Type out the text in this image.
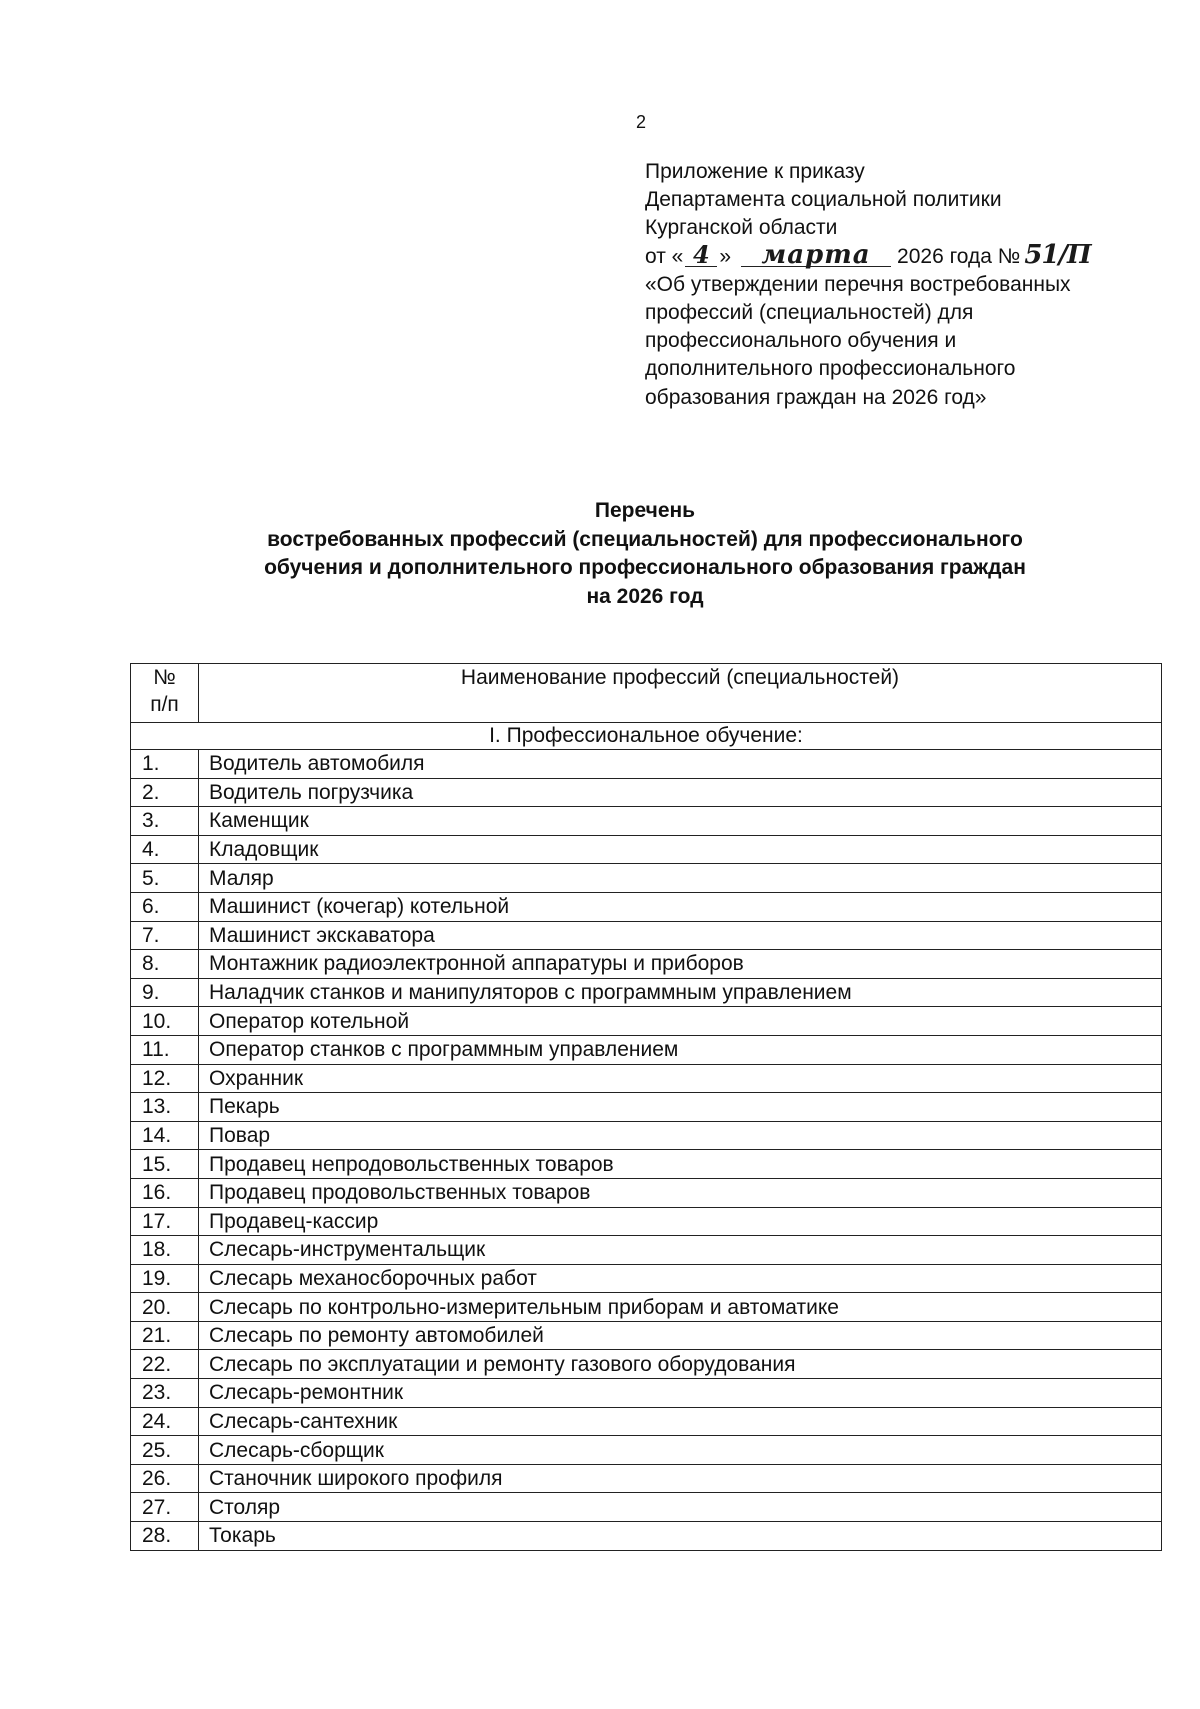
2
Приложение к приказу
Департамента социальной политики
Курганской области
от « 4 »	марта	2026 года № 51/П
«Об утверждении перечня востребованных
профессий (специальностей) для
профессионального обучения и
дополнительного профессионального
образования граждан на 2026 год»
Перечень
востребованных профессий (специальностей) для профессионального
обучения и дополнительного профессионального образования граждан
на 2026 год
№
п/п	Наименование профессий (специальностей)
I. Профессиональное обучение:	
1.	Водитель автомобиля
2.	Водитель погрузчика
3.	Каменщик
4.	Кладовщик
5.	Маляр
6.	Машинист (кочегар) котельной
7.	Машинист экскаватора
8.	Монтажник радиоэлектронной аппаратуры и приборов
9.	Наладчик станков и манипуляторов с программным управлением
10.	Оператор котельной
11.	Оператор станков с программным управлением
12.	Охранник
13.	Пекарь
14.	Повар
15.	Продавец непродовольственных товаров
16.	Продавец продовольственных товаров
17.	Продавец-кассир
18.	Слесарь-инструментальщик
19.	Слесарь механосборочных работ
20.	Слесарь по контрольно-измерительным приборам и автоматике
21.	Слесарь по ремонту автомобилей
22.	Слесарь по эксплуатации и ремонту газового оборудования
23.	Слесарь-ремонтник
24.	Слесарь-сантехник
25.	Слесарь-сборщик
26.	Станочник широкого профиля
27.	Столяр
28.	Токарь
